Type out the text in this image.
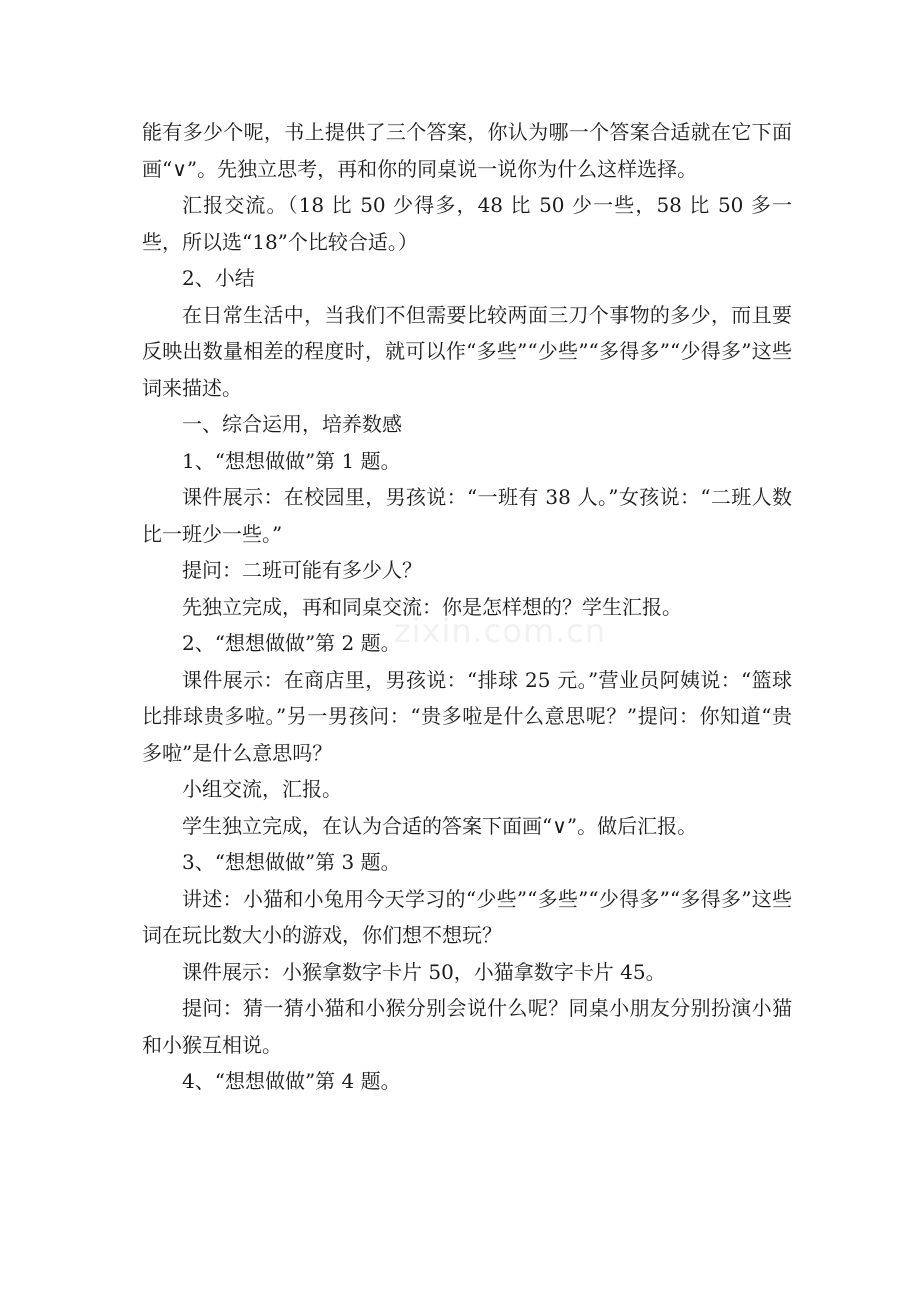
能有多少个呢，书上提供了三个答案，你认为哪一个答案合适就在它下面画“∨”。先独立思考，再和你的同桌说一说你为什么这样选择。

汇报交流。（18 比 50 少得多，48 比 50 少一些，58 比 50 多一些，所以选“18”个比较合适。）

2、小结

在日常生活中，当我们不但需要比较两面三刀个事物的多少，而且要反映出数量相差的程度时，就可以作“多些”“少些”“多得多”“少得多”这些词来描述。

一、综合运用，培养数感

1、“想想做做”第 1 题。

课件展示：在校园里，男孩说：“一班有 38 人。”女孩说：“二班人数比一班少一些。”

提问：二班可能有多少人？

先独立完成，再和同桌交流：你是怎样想的？学生汇报。

2、“想想做做”第 2 题。

课件展示：在商店里，男孩说：“排球 25 元。”营业员阿姨说：“篮球比排球贵多啦。”另一男孩问：“贵多啦是什么意思呢？”提问：你知道“贵多啦”是什么意思吗？

小组交流，汇报。

学生独立完成，在认为合适的答案下面画“∨”。做后汇报。

3、“想想做做”第 3 题。

讲述：小猫和小兔用今天学习的“少些”“多些”“少得多”“多得多”这些词在玩比数大小的游戏，你们想不想玩？

课件展示：小猴拿数字卡片 50，小猫拿数字卡片 45。

提问：猜一猜小猫和小猴分别会说什么呢？同桌小朋友分别扮演小猫和小猴互相说。

4、“想想做做”第 4 题。

zixin.com.cn
